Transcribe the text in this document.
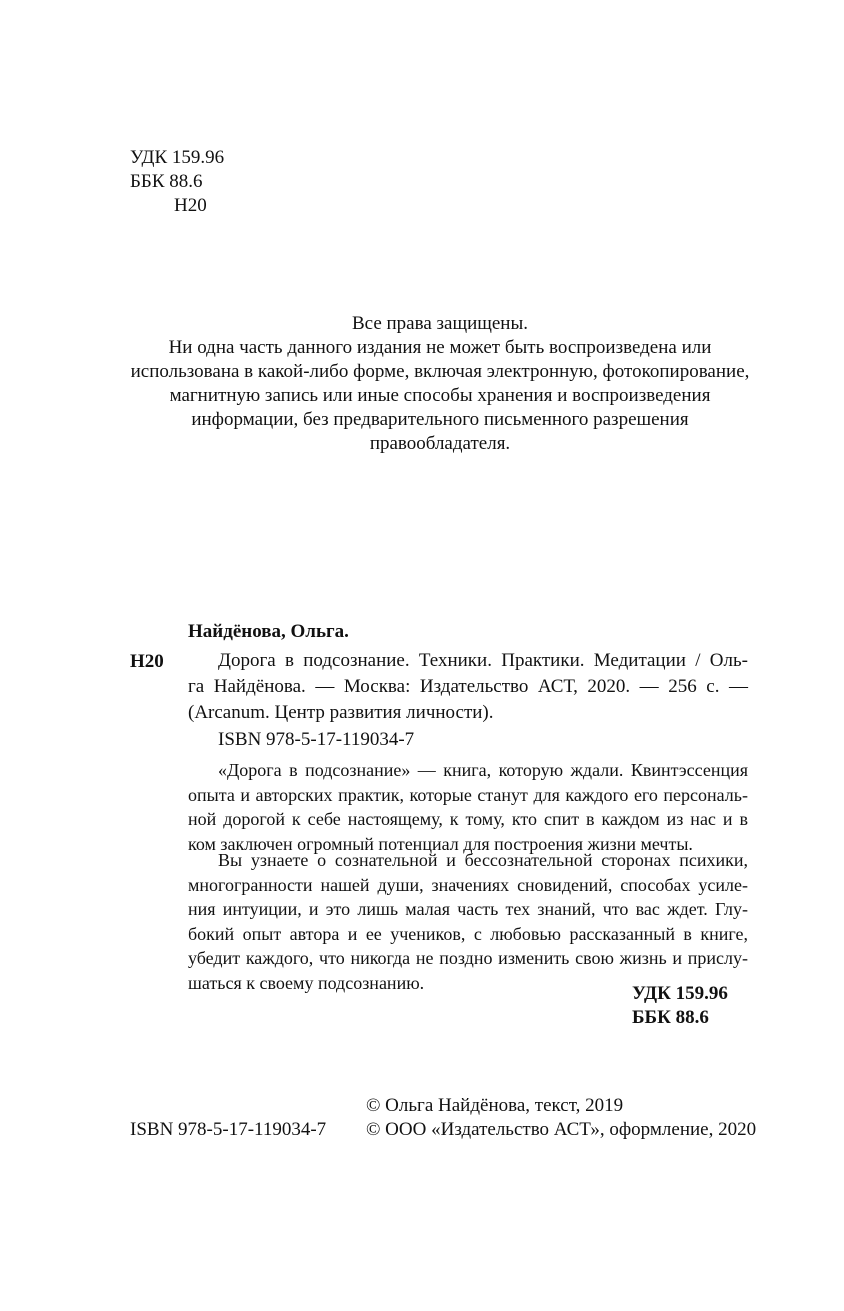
УДК 159.96
ББК 88.6
Н20
Все права защищены.
Ни одна часть данного издания не может быть воспроизведена или
использована в какой-либо форме, включая электронную, фотокопирование,
магнитную запись или иные способы хранения и воспроизведения
информации, без предварительного письменного разрешения
правообладателя.
Найдёнова, Ольга.
Н20	Дорога в подсознание. Техники. Практики. Медитации / Оль-
га Найдёнова. — Москва: Издательство АСТ, 2020. — 256 с. —
(Arcanum. Центр развития личности).
ISBN 978-5-17-119034-7
«Дорога в подсознание» — книга, которую ждали. Квинтэссенция
опыта и авторских практик, которые станут для каждого его персональ-
ной дорогой к себе настоящему, к тому, кто спит в каждом из нас и в
ком заключен огромный потенциал для построения жизни мечты.
Вы узнаете о сознательной и бессознательной сторонах психики,
многогранности нашей души, значениях сновидений, способах усиле-
ния интуиции, и это лишь малая часть тех знаний, что вас ждет. Глу-
бокий опыт автора и ее учеников, с любовью рассказанный в книге,
убедит каждого, что никогда не поздно изменить свою жизнь и прислу-
шаться к своему подсознанию.
УДК 159.96
ББК 88.6
© Ольга Найдёнова, текст, 2019
ISBN 978-5-17-119034-7 © ООО «Издательство АСТ», оформление, 2020
